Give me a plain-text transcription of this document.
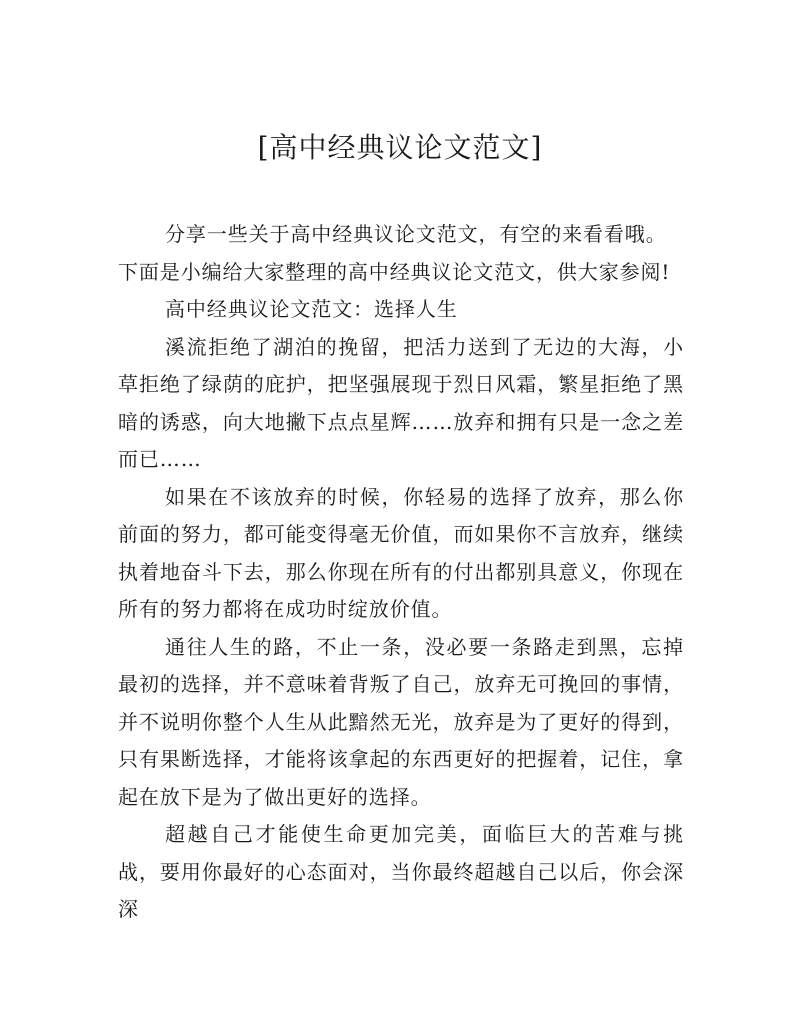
[高中经典议论文范文]

分享一些关于高中经典议论文范文，有空的来看看哦。

下面是小编给大家整理的高中经典议论文范文，供大家参阅!

高中经典议论文范文：选择人生

溪流拒绝了湖泊的挽留，把活力送到了无边的大海，小草拒绝了绿荫的庇护，把坚强展现于烈日风霜，繁星拒绝了黑暗的诱惑，向大地撇下点点星辉……放弃和拥有只是一念之差而已……

如果在不该放弃的时候，你轻易的选择了放弃，那么你前面的努力，都可能变得毫无价值，而如果你不言放弃，继续执着地奋斗下去，那么你现在所有的付出都别具意义，你现在所有的努力都将在成功时绽放价值。

通往人生的路，不止一条，没必要一条路走到黑，忘掉最初的选择，并不意味着背叛了自己，放弃无可挽回的事情，并不说明你整个人生从此黯然无光，放弃是为了更好的得到，只有果断选择，才能将该拿起的东西更好的把握着，记住，拿起在放下是为了做出更好的选择。

超越自己才能使生命更加完美，面临巨大的苦难与挑战，要用你最好的心态面对，当你最终超越自己以后，你会深深
